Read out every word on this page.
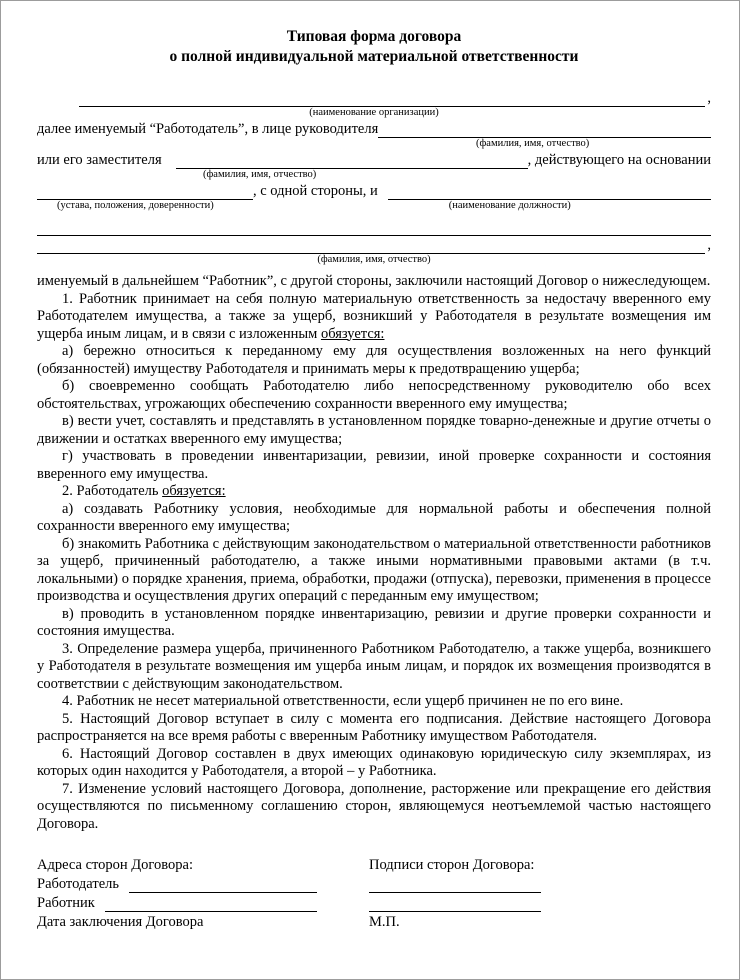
Типовая форма договора
о полной индивидуальной материальной ответственности
,
(наименование организации)
далее именуемый “Работодатель”, в лице руководителя
(фамилия, имя, отчество)
или его заместителя	, действующего на основании
(фамилия, имя, отчество)
, с одной стороны, и
(устава, положения, доверенности)	(наименование должности)
,
(фамилия, имя, отчество)

именуемый в дальнейшем “Работник”, с другой стороны, заключили настоящий Договор о нижеследующем.

1. Работник принимает на себя полную материальную ответственность за недостачу вверенного ему Работодателем имущества, а также за ущерб, возникший у Работодателя в результате возмещения им ущерба иным лицам, и в связи с изложенным обязуется:

а) бережно относиться к переданному ему для осуществления возложенных на него функций (обязанностей) имуществу Работодателя и принимать меры к предотвращению ущерба;

б) своевременно сообщать Работодателю либо непосредственному руководителю обо всех обстоятельствах, угрожающих обеспечению сохранности вверенного ему имущества;

в) вести учет, составлять и представлять в установленном порядке товарно-денежные и другие отчеты о движении и остатках вверенного ему имущества;

г) участвовать в проведении инвентаризации, ревизии, иной проверке сохранности и состояния вверенного ему имущества.

2. Работодатель обязуется:

а) создавать Работнику условия, необходимые для нормальной работы и обеспечения полной сохранности вверенного ему имущества;

б) знакомить Работника с действующим законодательством о материальной ответственности работников за ущерб, причиненный работодателю, а также иными нормативными правовыми актами (в т.ч. локальными) о порядке хранения, приема, обработки, продажи (отпуска), перевозки, применения в процессе производства и осуществления других операций с переданным ему имуществом;

в) проводить в установленном порядке инвентаризацию, ревизии и другие проверки сохранности и состояния имущества.

3. Определение размера ущерба, причиненного Работником Работодателю, а также ущерба, возникшего у Работодателя в результате возмещения им ущерба иным лицам, и порядок их возмещения производятся в соответствии с действующим законодательством.

4. Работник не несет материальной ответственности, если ущерб причинен не по его вине.

5. Настоящий Договор вступает в силу с момента его подписания. Действие настоящего Договора распространяется на все время работы с вверенным Работнику имуществом Работодателя.

6. Настоящий Договор составлен в двух имеющих одинаковую юридическую силу экземплярах, из которых один находится у Работодателя, а второй – у Работника.

7. Изменение условий настоящего Договора, дополнение, расторжение или прекращение его действия осуществляются по письменному соглашению сторон, являющемуся неотъемлемой частью настоящего Договора.

Адреса сторон Договора:
Работодатель
Работник
Дата заключения Договора
Подписи сторон Договора:
М.П.
